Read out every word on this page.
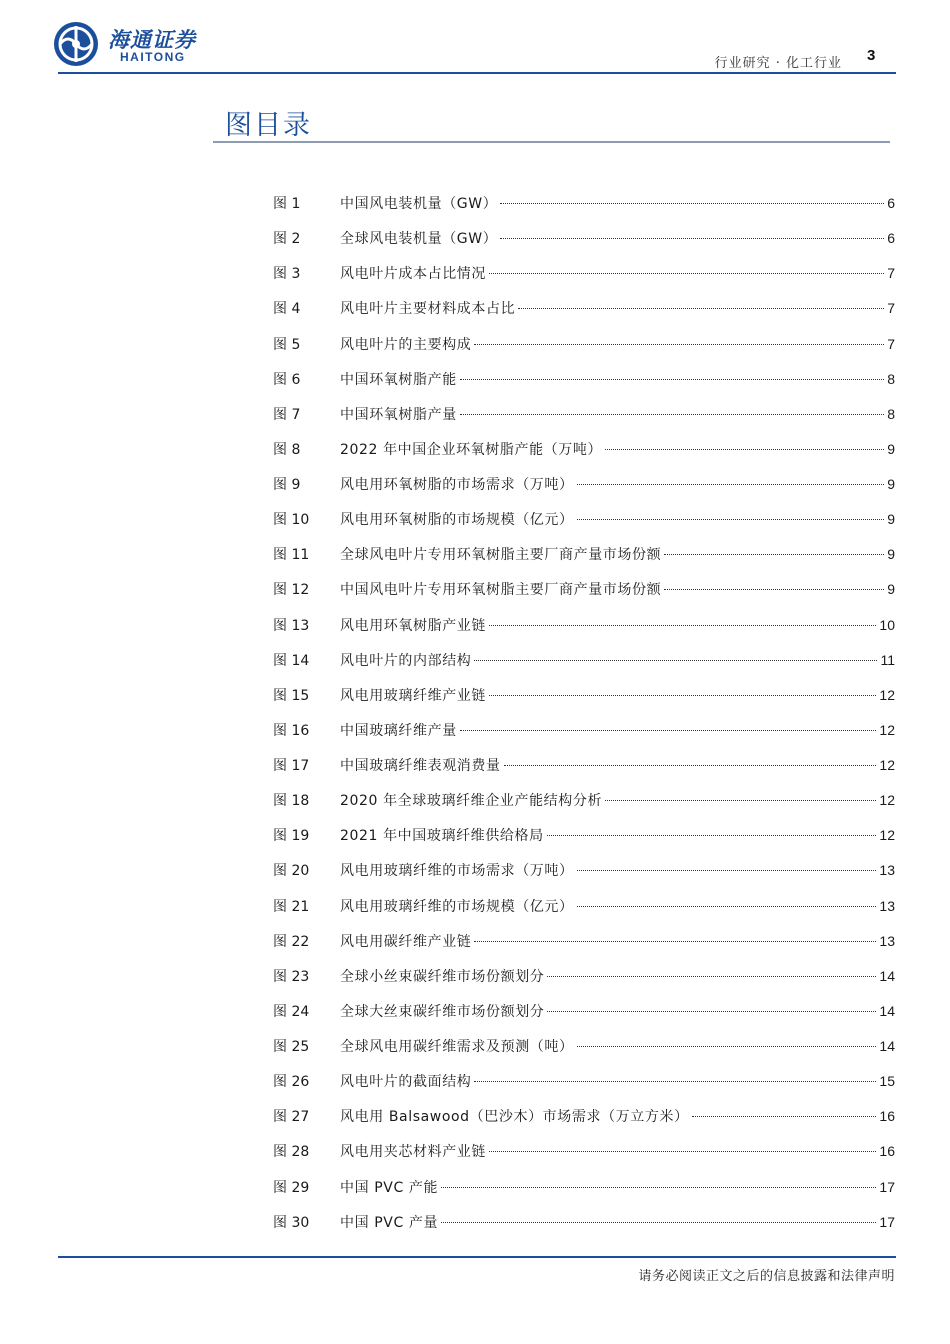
海通证券
HAITONG	行业研究 · 化工行业 3
图目录
图 1	中国风电装机量（GW）	6
图 2	全球风电装机量（GW）	6
图 3	风电叶片成本占比情况	7
图 4	风电叶片主要材料成本占比	7
图 5	风电叶片的主要构成	7
图 6	中国环氧树脂产能	8
图 7	中国环氧树脂产量	8
图 8	2022 年中国企业环氧树脂产能（万吨）	9
图 9	风电用环氧树脂的市场需求（万吨）	9
图 10	风电用环氧树脂的市场规模（亿元）	9
图 11	全球风电叶片专用环氧树脂主要厂商产量市场份额	9
图 12	中国风电叶片专用环氧树脂主要厂商产量市场份额	9
图 13	风电用环氧树脂产业链	10
图 14	风电叶片的内部结构	11
图 15	风电用玻璃纤维产业链	12
图 16	中国玻璃纤维产量	12
图 17	中国玻璃纤维表观消费量	12
图 18	2020 年全球玻璃纤维企业产能结构分析	12
图 19	2021 年中国玻璃纤维供给格局	12
图 20	风电用玻璃纤维的市场需求（万吨）	13
图 21	风电用玻璃纤维的市场规模（亿元）	13
图 22	风电用碳纤维产业链	13
图 23	全球小丝束碳纤维市场份额划分	14
图 24	全球大丝束碳纤维市场份额划分	14
图 25	全球风电用碳纤维需求及预测（吨）	14
图 26	风电叶片的截面结构	15
图 27	风电用 Balsawood（巴沙木）市场需求（万立方米）	16
图 28	风电用夹芯材料产业链	16
图 29	中国 PVC 产能	17
图 30	中国 PVC 产量	17
请务必阅读正文之后的信息披露和法律声明
